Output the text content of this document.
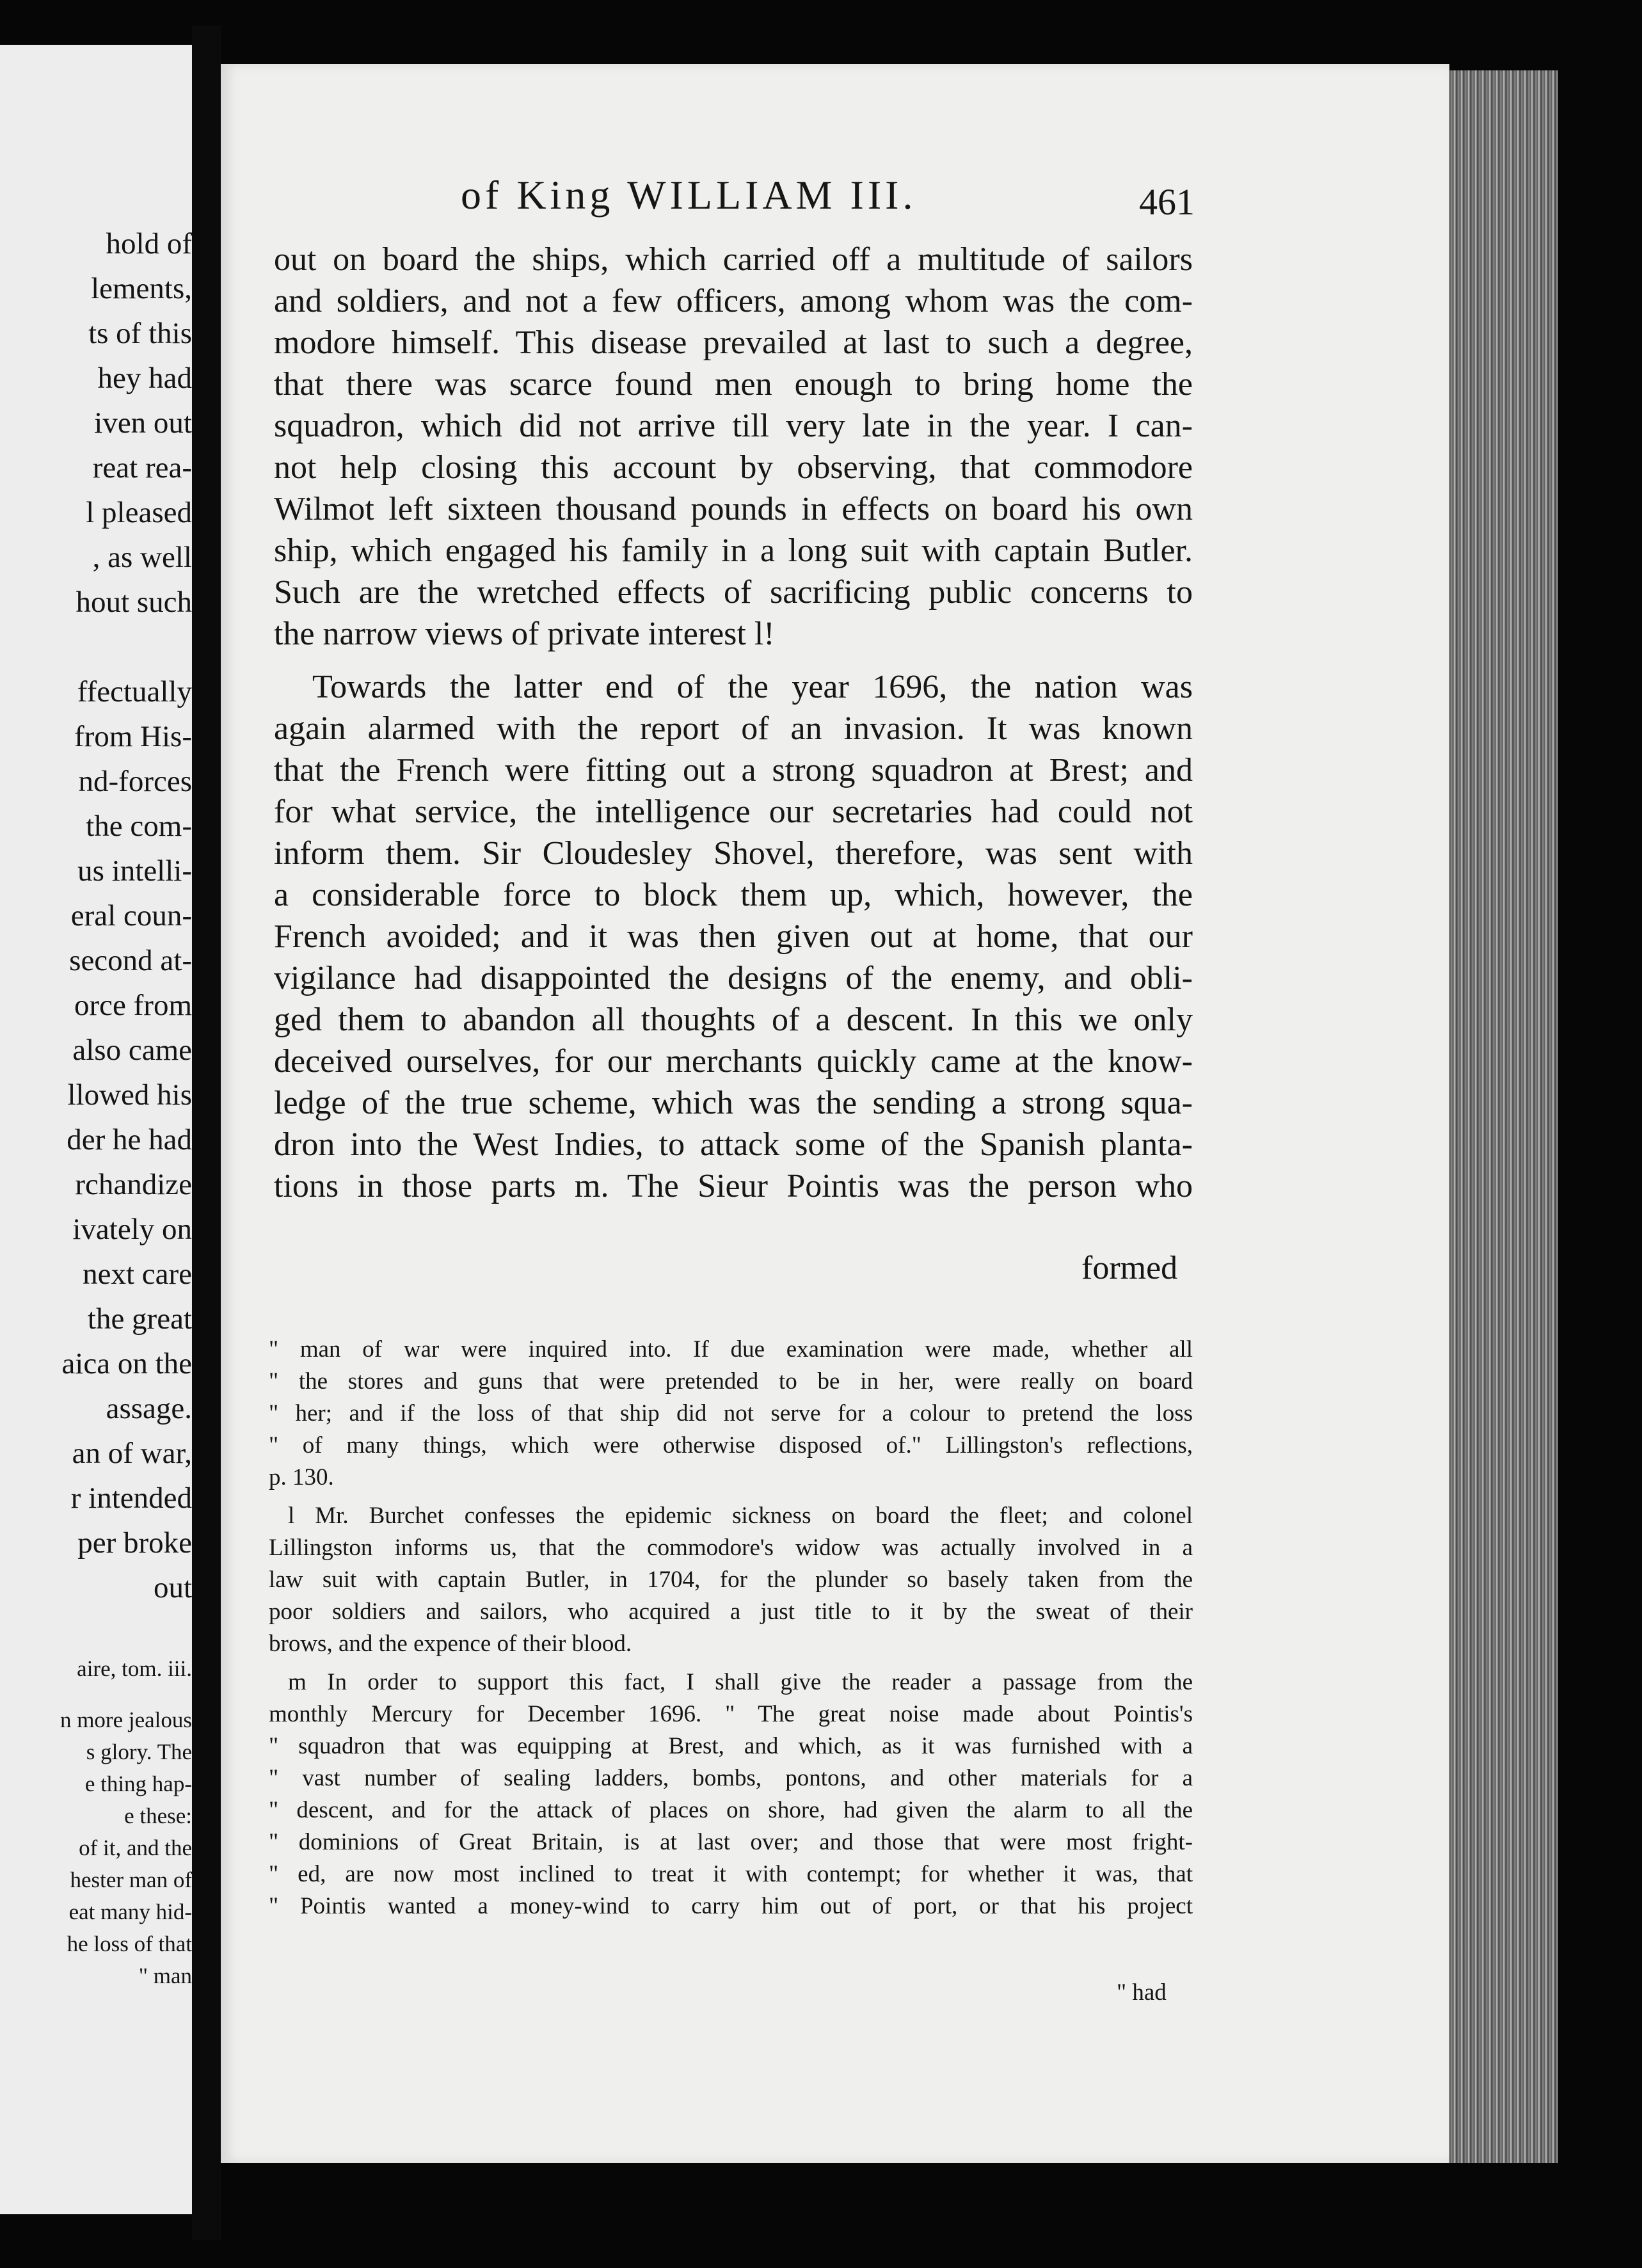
hold of
lements,
ts of this
hey had
iven out
reat rea-
l pleased
, as well
hout such
ffectually
from His-
nd-forces
the com-
us intelli-
eral coun-
second at-
orce from
also came
llowed his
der he had
rchandize
ivately on
next care
the great
aica on the
assage.
an of war,
r intended
per broke
out
aire, tom. iii.
n more jealous
s glory. The
e thing hap-
e these:
of it, and the
hester man of
eat many hid-
he loss of that
" man
of King WILLIAM III.	461
out on board the ships, which carried off a multitude of sailors
and soldiers, and not a few officers, among whom was the com-
modore himself. This disease prevailed at last to such a degree,
that there was scarce found men enough to bring home the
squadron, which did not arrive till very late in the year. I can-
not help closing this account by observing, that commodore
Wilmot left sixteen thousand pounds in effects on board his own
ship, which engaged his family in a long suit with captain Butler.
Such are the wretched effects of sacrificing public concerns to
the narrow views of private interest l!
Towards the latter end of the year 1696, the nation was
again alarmed with the report of an invasion. It was known
that the French were fitting out a strong squadron at Brest; and
for what service, the intelligence our secretaries had could not
inform them. Sir Cloudesley Shovel, therefore, was sent with
a considerable force to block them up, which, however, the
French avoided; and it was then given out at home, that our
vigilance had disappointed the designs of the enemy, and obli-
ged them to abandon all thoughts of a descent. In this we only
deceived ourselves, for our merchants quickly came at the know-
ledge of the true scheme, which was the sending a strong squa-
dron into the West Indies, to attack some of the Spanish planta-
tions in those parts m. The Sieur Pointis was the person who
formed
" man of war were inquired into. If due examination were made, whether all
" the stores and guns that were pretended to be in her, were really on board
" her; and if the loss of that ship did not serve for a colour to pretend the loss
" of many things, which were otherwise disposed of." Lillingston's reflections,
p. 130.
l Mr. Burchet confesses the epidemic sickness on board the fleet; and colonel
Lillingston informs us, that the commodore's widow was actually involved in a
law suit with captain Butler, in 1704, for the plunder so basely taken from the
poor soldiers and sailors, who acquired a just title to it by the sweat of their
brows, and the expence of their blood.
m In order to support this fact, I shall give the reader a passage from the
monthly Mercury for December 1696. " The great noise made about Pointis's
" squadron that was equipping at Brest, and which, as it was furnished with a
" vast number of sealing ladders, bombs, pontons, and other materials for a
" descent, and for the attack of places on shore, had given the alarm to all the
" dominions of Great Britain, is at last over; and those that were most fright-
" ed, are now most inclined to treat it with contempt; for whether it was, that
" Pointis wanted a money-wind to carry him out of port, or that his project
" had
